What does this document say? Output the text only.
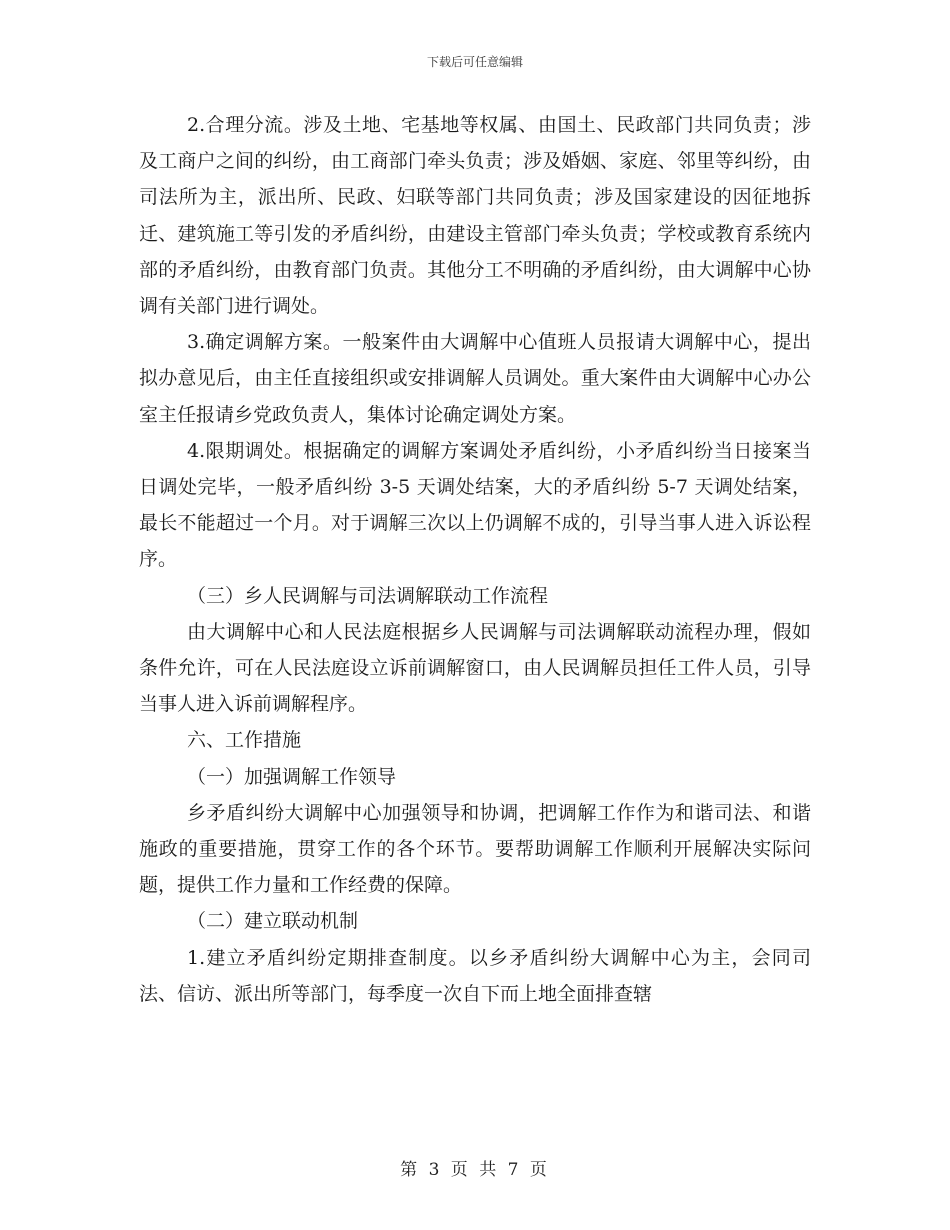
下载后可任意编辑

2.合理分流。涉及土地、宅基地等权属、由国土、民政部门共同负责；涉及工商户之间的纠纷，由工商部门牵头负责；涉及婚姻、家庭、邻里等纠纷，由司法所为主，派出所、民政、妇联等部门共同负责；涉及国家建设的因征地拆迁、建筑施工等引发的矛盾纠纷，由建设主管部门牵头负责；学校或教育系统内部的矛盾纠纷，由教育部门负责。其他分工不明确的矛盾纠纷，由大调解中心协调有关部门进行调处。

3.确定调解方案。一般案件由大调解中心值班人员报请大调解中心，提出拟办意见后，由主任直接组织或安排调解人员调处。重大案件由大调解中心办公室主任报请乡党政负责人，集体讨论确定调处方案。

4.限期调处。根据确定的调解方案调处矛盾纠纷，小矛盾纠纷当日接案当日调处完毕，一般矛盾纠纷 3-5 天调处结案，大的矛盾纠纷 5-7 天调处结案，最长不能超过一个月。对于调解三次以上仍调解不成的，引导当事人进入诉讼程序。

（三）乡人民调解与司法调解联动工作流程

由大调解中心和人民法庭根据乡人民调解与司法调解联动流程办理，假如条件允许，可在人民法庭设立诉前调解窗口，由人民调解员担任工件人员，引导当事人进入诉前调解程序。

六、工作措施

（一）加强调解工作领导

乡矛盾纠纷大调解中心加强领导和协调，把调解工作作为和谐司法、和谐施政的重要措施，贯穿工作的各个环节。要帮助调解工作顺利开展解决实际问题，提供工作力量和工作经费的保障。

（二）建立联动机制

1.建立矛盾纠纷定期排查制度。以乡矛盾纠纷大调解中心为主，会同司法、信访、派出所等部门，每季度一次自下而上地全面排查辖

第 3 页 共 7 页
